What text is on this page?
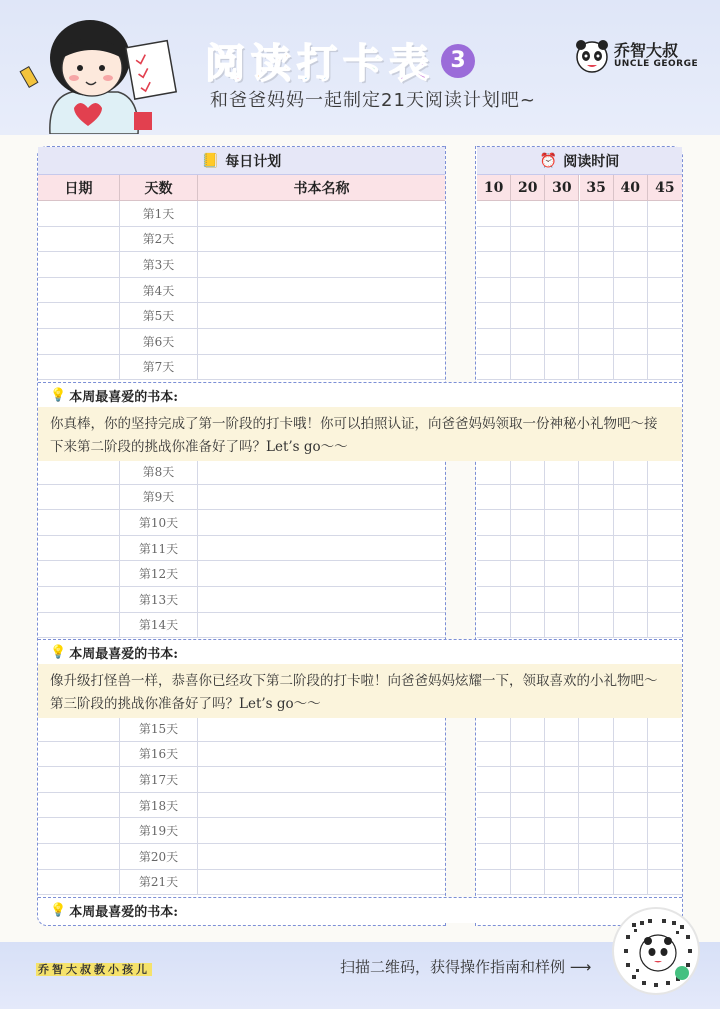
阅 读 打 卡 表 3
和爸爸妈妈一起制定21天阅读计划吧~
乔智大叔
UNCLE GEORGE
📒 每日计划	⏰ 阅读时间
日期	天数	书本名称	10	20	30	35	40	45
第1天
第2天
第3天
第4天
第5天
第6天
第7天
第8天
第9天
第10天
第11天
第12天
第13天
第14天
第15天
第16天
第17天
第18天
第19天
第20天
第21天
💡 本周最喜爱的书本:
你真棒，你的坚持完成了第一阶段的打卡哦！你可以拍照认证，向爸爸妈妈领取一份神秘小礼物吧～接下来第二阶段的挑战你准备好了吗？Let’s go～～
💡 本周最喜爱的书本:
像升级打怪兽一样，恭喜你已经攻下第二阶段的打卡啦！向爸爸妈妈炫耀一下，领取喜欢的小礼物吧～第三阶段的挑战你准备好了吗？Let’s go～～
💡 本周最喜爱的书本:
乔智大叔教小孩儿	扫描二维码，获得操作指南和样例 ⟶
